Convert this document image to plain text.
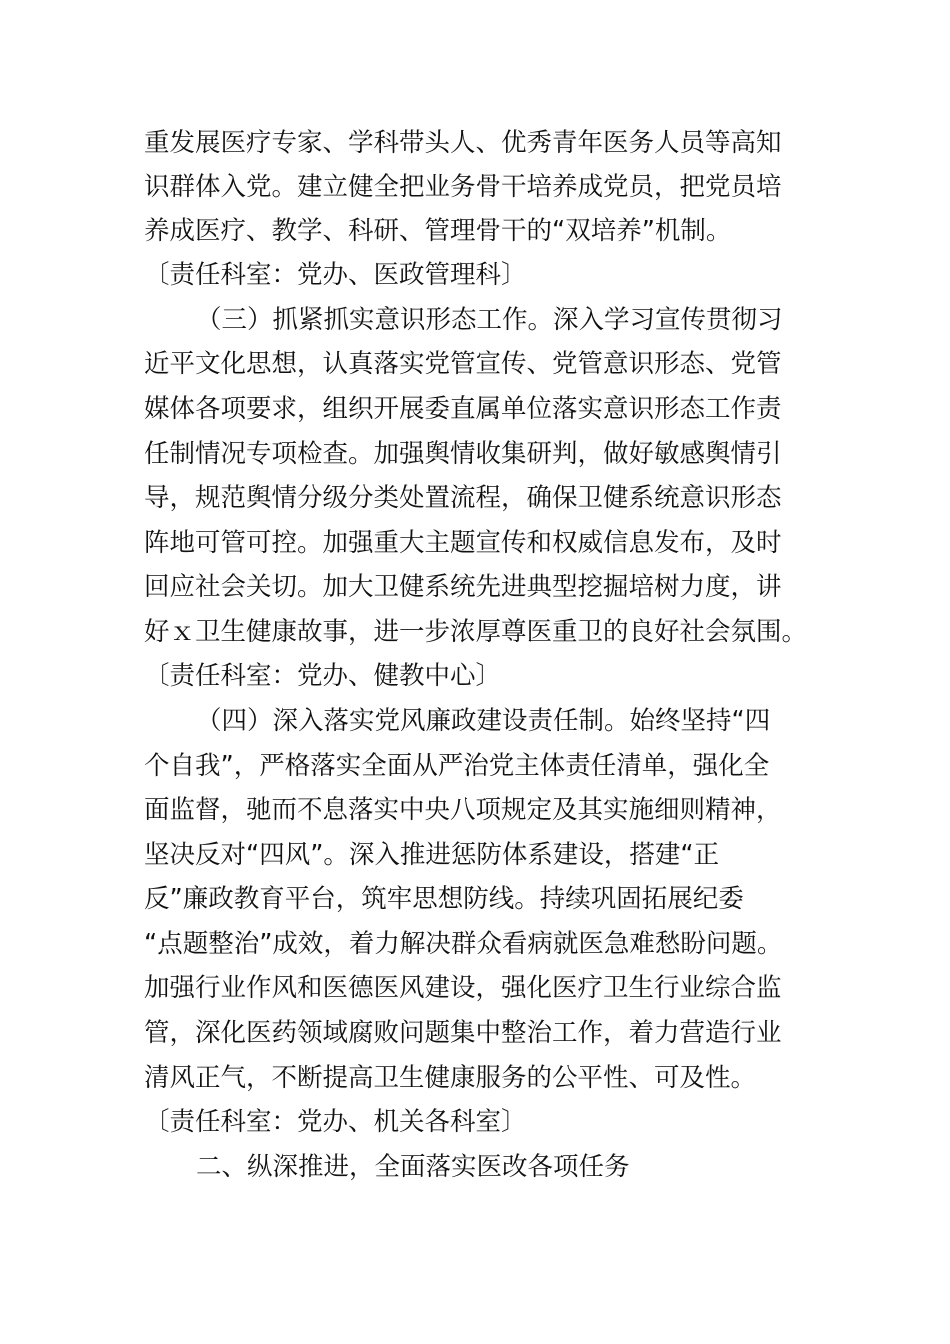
重发展医疗专家、学科带头人、优秀青年医务人员等高知
识群体入党。建立健全把业务骨干培养成党员，把党员培
养成医疗、教学、科研、管理骨干的“双培养”机制。
〔责任科室：党办、医政管理科〕
（三）抓紧抓实意识形态工作。深入学习宣传贯彻习
近平文化思想，认真落实党管宣传、党管意识形态、党管
媒体各项要求，组织开展委直属单位落实意识形态工作责
任制情况专项检查。加强舆情收集研判，做好敏感舆情引
导，规范舆情分级分类处置流程，确保卫健系统意识形态
阵地可管可控。加强重大主题宣传和权威信息发布，及时
回应社会关切。加大卫健系统先进典型挖掘培树力度，讲
好ｘ卫生健康故事，进一步浓厚尊医重卫的良好社会氛围。
〔责任科室：党办、健教中心〕
（四）深入落实党风廉政建设责任制。始终坚持“四
个自我”，严格落实全面从严治党主体责任清单，强化全
面监督，驰而不息落实中央八项规定及其实施细则精神，
坚决反对“四风”。深入推进惩防体系建设，搭建“正
反”廉政教育平台，筑牢思想防线。持续巩固拓展纪委
“点题整治”成效，着力解决群众看病就医急难愁盼问题。
加强行业作风和医德医风建设，强化医疗卫生行业综合监
管，深化医药领域腐败问题集中整治工作，着力营造行业
清风正气，不断提高卫生健康服务的公平性、可及性。
〔责任科室：党办、机关各科室〕
二、纵深推进，全面落实医改各项任务
